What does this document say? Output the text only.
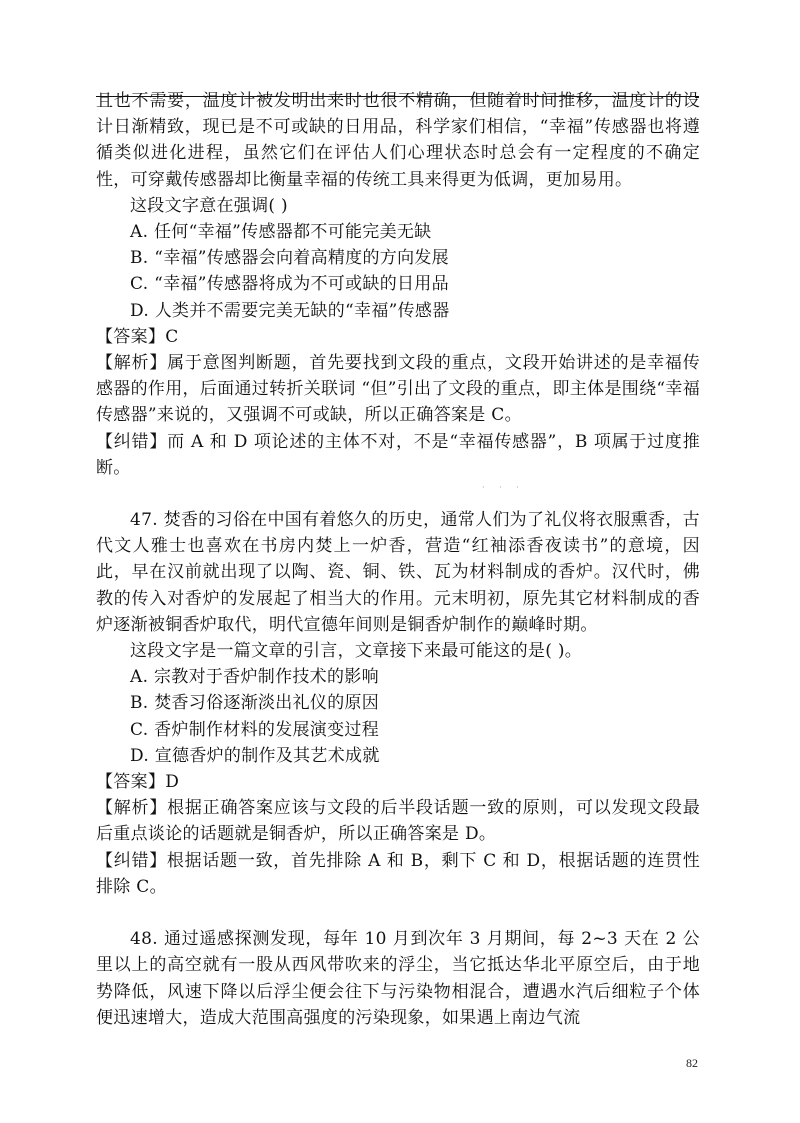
且也不需要，温度计被发明出来时也很不精确，但随着时间推移，温度计的设计日渐精致，现已是不可或缺的日用品，科学家们相信，“幸福”传感器也将遵循类似进化进程，虽然它们在评估人们心理状态时总会有一定程度的不确定性，可穿戴传感器却比衡量幸福的传统工具来得更为低调，更加易用。

这段文字意在强调( )

A. 任何“幸福”传感器都不可能完美无缺

B. “幸福”传感器会向着高精度的方向发展

C. “幸福”传感器将成为不可或缺的日用品

D. 人类并不需要完美无缺的“幸福”传感器

【答案】C

【解析】属于意图判断题，首先要找到文段的重点，文段开始讲述的是幸福传感器的作用，后面通过转折关联词 “但”引出了文段的重点，即主体是围绕“幸福传感器”来说的，又强调不可或缺，所以正确答案是 C。

【纠错】而 A 和 D 项论述的主体不对，不是“幸福传感器”，B 项属于过度推断。

47. 焚香的习俗在中国有着悠久的历史，通常人们为了礼仪将衣服熏香，古代文人雅士也喜欢在书房内焚上一炉香，营造“红袖添香夜读书”的意境，因此，早在汉前就出现了以陶、瓷、铜、铁、瓦为材料制成的香炉。汉代时，佛教的传入对香炉的发展起了相当大的作用。元末明初，原先其它材料制成的香炉逐渐被铜香炉取代，明代宣德年间则是铜香炉制作的巅峰时期。

这段文字是一篇文章的引言，文章接下来最可能这的是( )。

A. 宗教对于香炉制作技术的影响

B. 焚香习俗逐渐淡出礼仪的原因

C. 香炉制作材料的发展演变过程

D. 宣德香炉的制作及其艺术成就

【答案】D

【解析】根据正确答案应该与文段的后半段话题一致的原则，可以发现文段最后重点谈论的话题就是铜香炉，所以正确答案是 D。

【纠错】根据话题一致，首先排除 A 和 B，剩下 C 和 D，根据话题的连贯性排除 C。

48. 通过遥感探测发现，每年 10 月到次年 3 月期间，每 2~3 天在 2 公里以上的高空就有一股从西风带吹来的浮尘，当它抵达华北平原空后，由于地势降低，风速下降以后浮尘便会往下与污染物相混合，遭遇水汽后细粒子个体便迅速增大，造成大范围高强度的污染现象，如果遇上南边气流

· · ·
82
